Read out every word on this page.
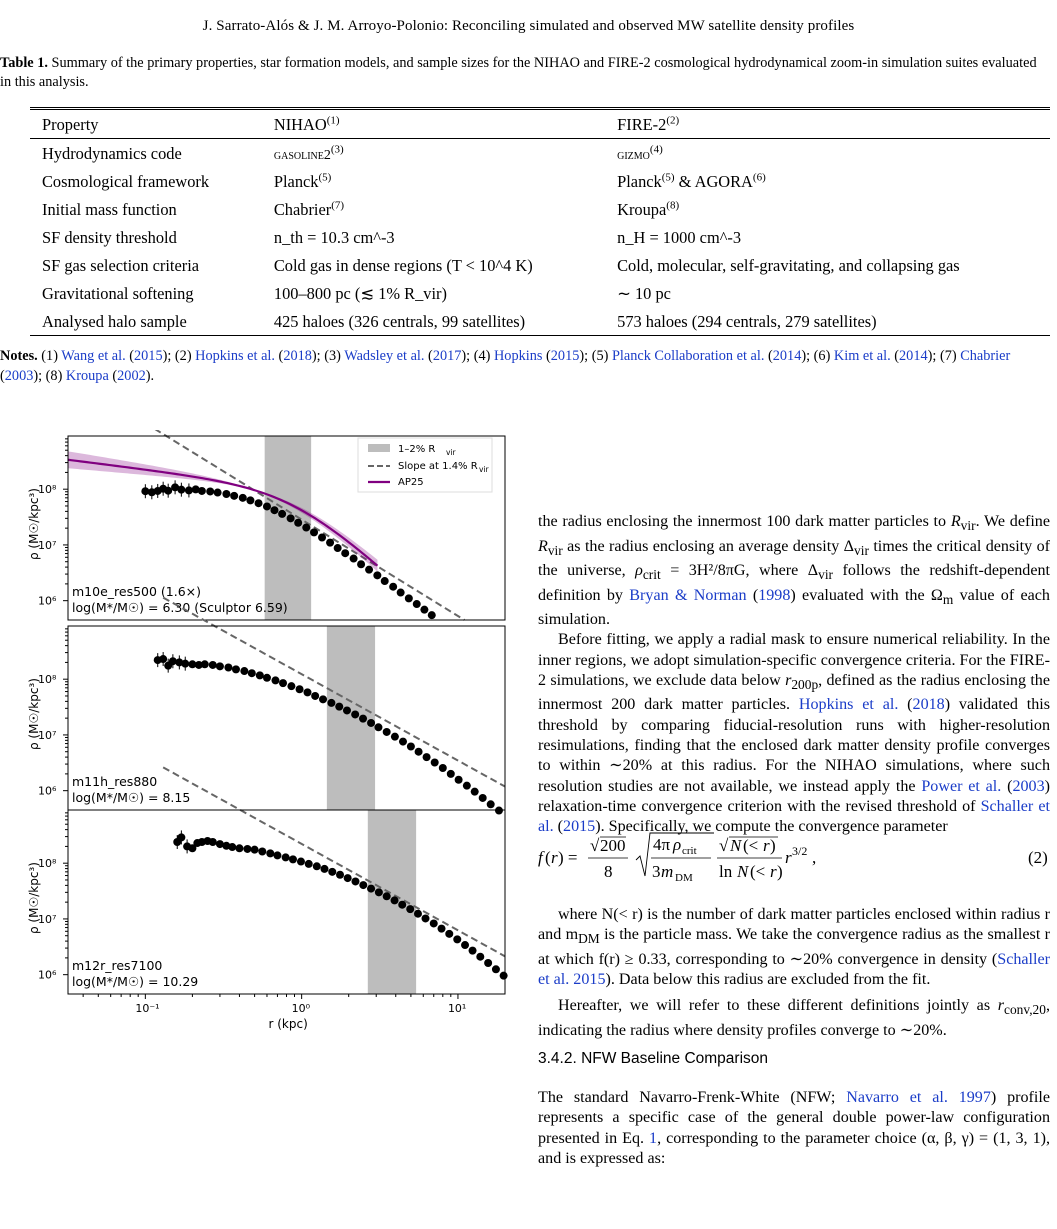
J. Sarrato-Alós & J. M. Arroyo-Polonio: Reconciling simulated and observed MW satellite density profiles
Table 1. Summary of the primary properties, star formation models, and sample sizes for the NIHAO and FIRE-2 cosmological hydrodynamical zoom-in simulation suites evaluated in this analysis.
Property	NIHAO$^{(1)}$	FIRE-2$^{(2)}$
Hydrodynamics code	gasoline2$^{(3)}$	gizmo$^{(4)}$
Cosmological framework	Planck$^{(5)}$	Planck$^{(5)}$ & AGORA$^{(6)}$
Initial mass function	Chabrier$^{(7)}$	Kroupa$^{(8)}$
SF density threshold	n_th = 10.3 cm^-3	n_H = 1000 cm^-3
SF gas selection criteria	Cold gas in dense regions (T < 10^4 K)	Cold, molecular, self-gravitating, and collapsing gas
Gravitational softening	100–800 pc (≲ 1% R_vir)	∼ 10 pc
Analysed halo sample	425 haloes (326 centrals, 99 satellites)	573 haloes (294 centrals, 279 satellites)
Notes. (1) Wang et al. (2015); (2) Hopkins et al. (2018); (3) Wadsley et al. (2017); (4) Hopkins (2015); (5) Planck Collaboration et al. (2014); (6) Kim et al. (2014); (7) Chabrier (2003); (8) Kroupa (2002).
10⁸
10⁷
10⁶
ρ (M☉/kpc³)
m10e_res500 (1.6×)
log(M*/M☉) = 6.30 (Sculptor 6.59)
10⁸
10⁷
10⁶
ρ (M☉/kpc³)
m11h_res880
log(M*/M☉) = 8.15
10⁸
10⁷
10⁶
ρ (M☉/kpc³)
m12r_res7100
log(M*/M☉) = 10.29
10⁻¹	10⁰	10¹
r (kpc)
1–2% R vir
Slope at 1.4% R vir
AP25

the radius enclosing the innermost 100 dark matter particles to $R_{vir}$. We define $R_{vir}$ as the radius enclosing an average density $\Delta_{vir}$ times the critical density of the universe, $\rho_{crit} = 3H^2/8\pi G$, where $\Delta_{vir}$ follows the redshift-dependent definition by Bryan & Norman (1998) evaluated with the $\Omega_m$ value of each simulation.

Before fitting, we apply a radial mask to ensure numerical reliability. In the inner regions, we adopt simulation-specific convergence criteria. For the FIRE-2 simulations, we exclude data below $r_{200p}$, defined as the radius enclosing the innermost 200 dark matter particles. Hopkins et al. (2018) validated this threshold by comparing fiducial-resolution runs with higher-resolution resimulations, finding that the enclosed dark matter density profile converges to within ∼20% at this radius. For the NIHAO simulations, where such resolution studies are not available, we instead apply the Power et al. (2003) relaxation-time convergence criterion with the revised threshold of Schaller et al. (2015). Specifically, we compute the convergence parameter

f ( r ) =
√ 200
8
4π ρ crit
3 m DM
√ N (< r )
ln N (< r )
r 3/2 ,	(2)

where N(< r) is the number of dark matter particles enclosed within radius r and $m_{DM}$ is the particle mass. We take the convergence radius as the smallest r at which f(r) ≥ 0.33, corresponding to ∼20% convergence in density (Schaller et al. 2015). Data below this radius are excluded from the fit.

Hereafter, we will refer to these different definitions jointly as $r_{conv,20}$, indicating the radius where density profiles converge to ∼20%.

3.4.2. NFW Baseline Comparison

The standard Navarro-Frenk-White (NFW; Navarro et al. 1997) profile represents a specific case of the general double power-law configuration presented in Eq. 1, corresponding to the parameter choice (α, β, γ) = (1, 3, 1), and is expressed as:
